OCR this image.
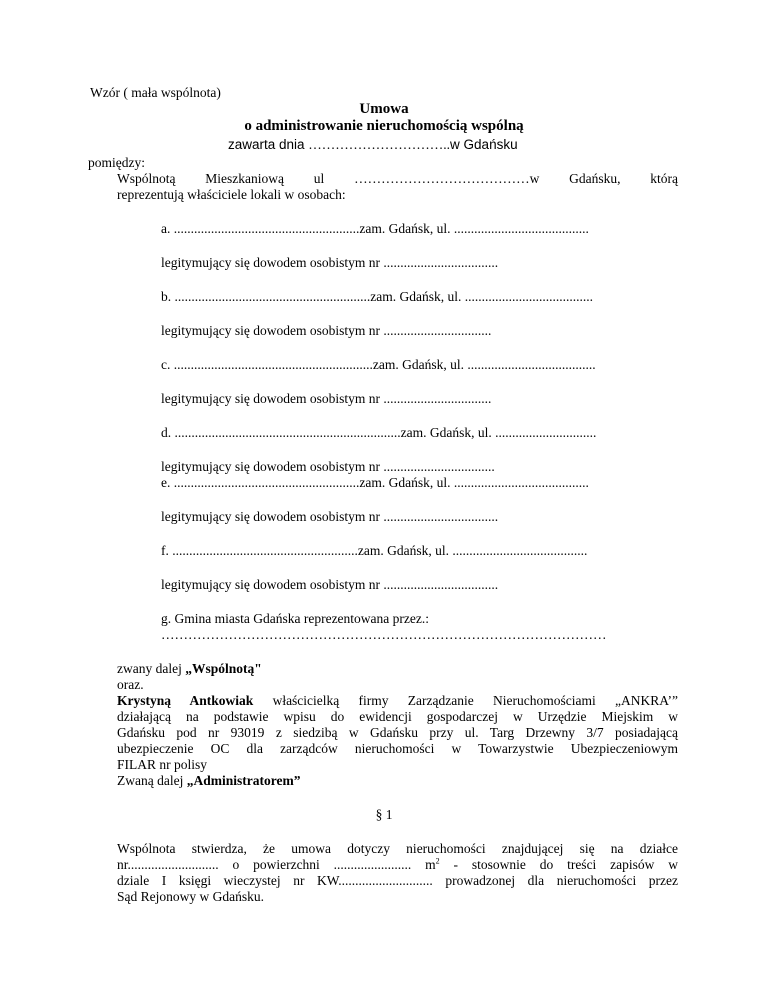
Wzór ( mała wspólnota)
Umowa
o administrowanie nieruchomością wspólną
zawarta dnia …………………………..w Gdańsku
pomiędzy:
Wspólnotą Mieszkaniową ul …………………………………w Gdańsku, którą
reprezentują właściciele lokali w osobach:
a. .......................................................zam. Gdańsk, ul. ........................................
legitymujący się dowodem osobistym nr ..................................
b. ..........................................................zam. Gdańsk, ul. ......................................
legitymujący się dowodem osobistym nr ................................
c. ...........................................................zam. Gdańsk, ul. ......................................
legitymujący się dowodem osobistym nr ................................
d. ...................................................................zam. Gdańsk, ul. ..............................
legitymujący się dowodem osobistym nr .................................
e. .......................................................zam. Gdańsk, ul. ........................................
legitymujący się dowodem osobistym nr ..................................
f. .......................................................zam. Gdańsk, ul. ........................................
legitymujący się dowodem osobistym nr ..................................
g. Gmina miasta Gdańska reprezentowana przez.:
………………………………………………………………………………………
zwany dalej „Wspólnotą"
oraz.
Krystyną Antkowiak właścicielką firmy Zarządzanie Nieruchomościami „ANKRA’”
działającą na podstawie wpisu do ewidencji gospodarczej w Urzędzie Miejskim w
Gdańsku pod nr 93019 z siedzibą w Gdańsku przy ul. Targ Drzewny 3/7 posiadającą
ubezpieczenie OC dla zarządców nieruchomości w Towarzystwie Ubezpieczeniowym
FILAR nr polisy
Zwaną dalej „Administratorem”
§ 1
Wspólnota stwierdza, że umowa dotyczy nieruchomości znajdującej się na działce
nr........................... o powierzchni ....................... $m^2$ - stosownie do treści zapisów w
dziale I księgi wieczystej nr KW............................ prowadzonej dla nieruchomości przez
Sąd Rejonowy w Gdańsku.
